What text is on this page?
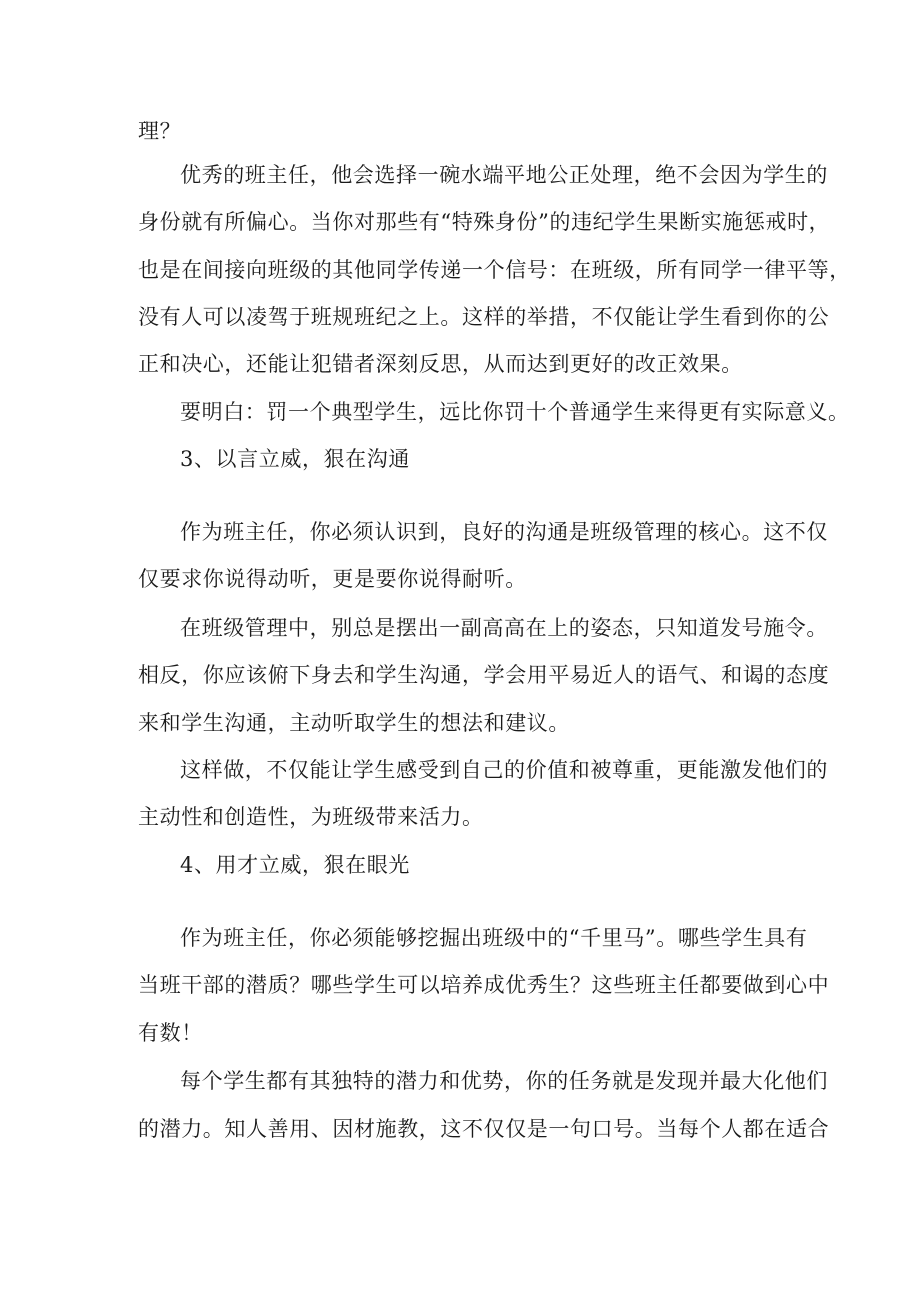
理？
优秀的班主任，他会选择一碗水端平地公正处理，绝不会因为学生的
身份就有所偏心。当你对那些有“特殊身份”的违纪学生果断实施惩戒时，
也是在间接向班级的其他同学传递一个信号：在班级，所有同学一律平等，
没有人可以凌驾于班规班纪之上。这样的举措，不仅能让学生看到你的公
正和决心，还能让犯错者深刻反思，从而达到更好的改正效果。
要明白：罚一个典型学生，远比你罚十个普通学生来得更有实际意义。
3、以言立威，狠在沟通
作为班主任，你必须认识到，良好的沟通是班级管理的核心。这不仅
仅要求你说得动听，更是要你说得耐听。
在班级管理中，别总是摆出一副高高在上的姿态，只知道发号施令。
相反，你应该俯下身去和学生沟通，学会用平易近人的语气、和谒的态度
来和学生沟通，主动听取学生的想法和建议。
这样做，不仅能让学生感受到自己的价值和被尊重，更能激发他们的
主动性和创造性，为班级带来活力。
4、用才立威，狠在眼光
作为班主任，你必须能够挖掘出班级中的“千里马”。哪些学生具有
当班干部的潜质？哪些学生可以培养成优秀生？这些班主任都要做到心中
有数！
每个学生都有其独特的潜力和优势，你的任务就是发现并最大化他们
的潜力。知人善用、因材施教，这不仅仅是一句口号。当每个人都在适合
